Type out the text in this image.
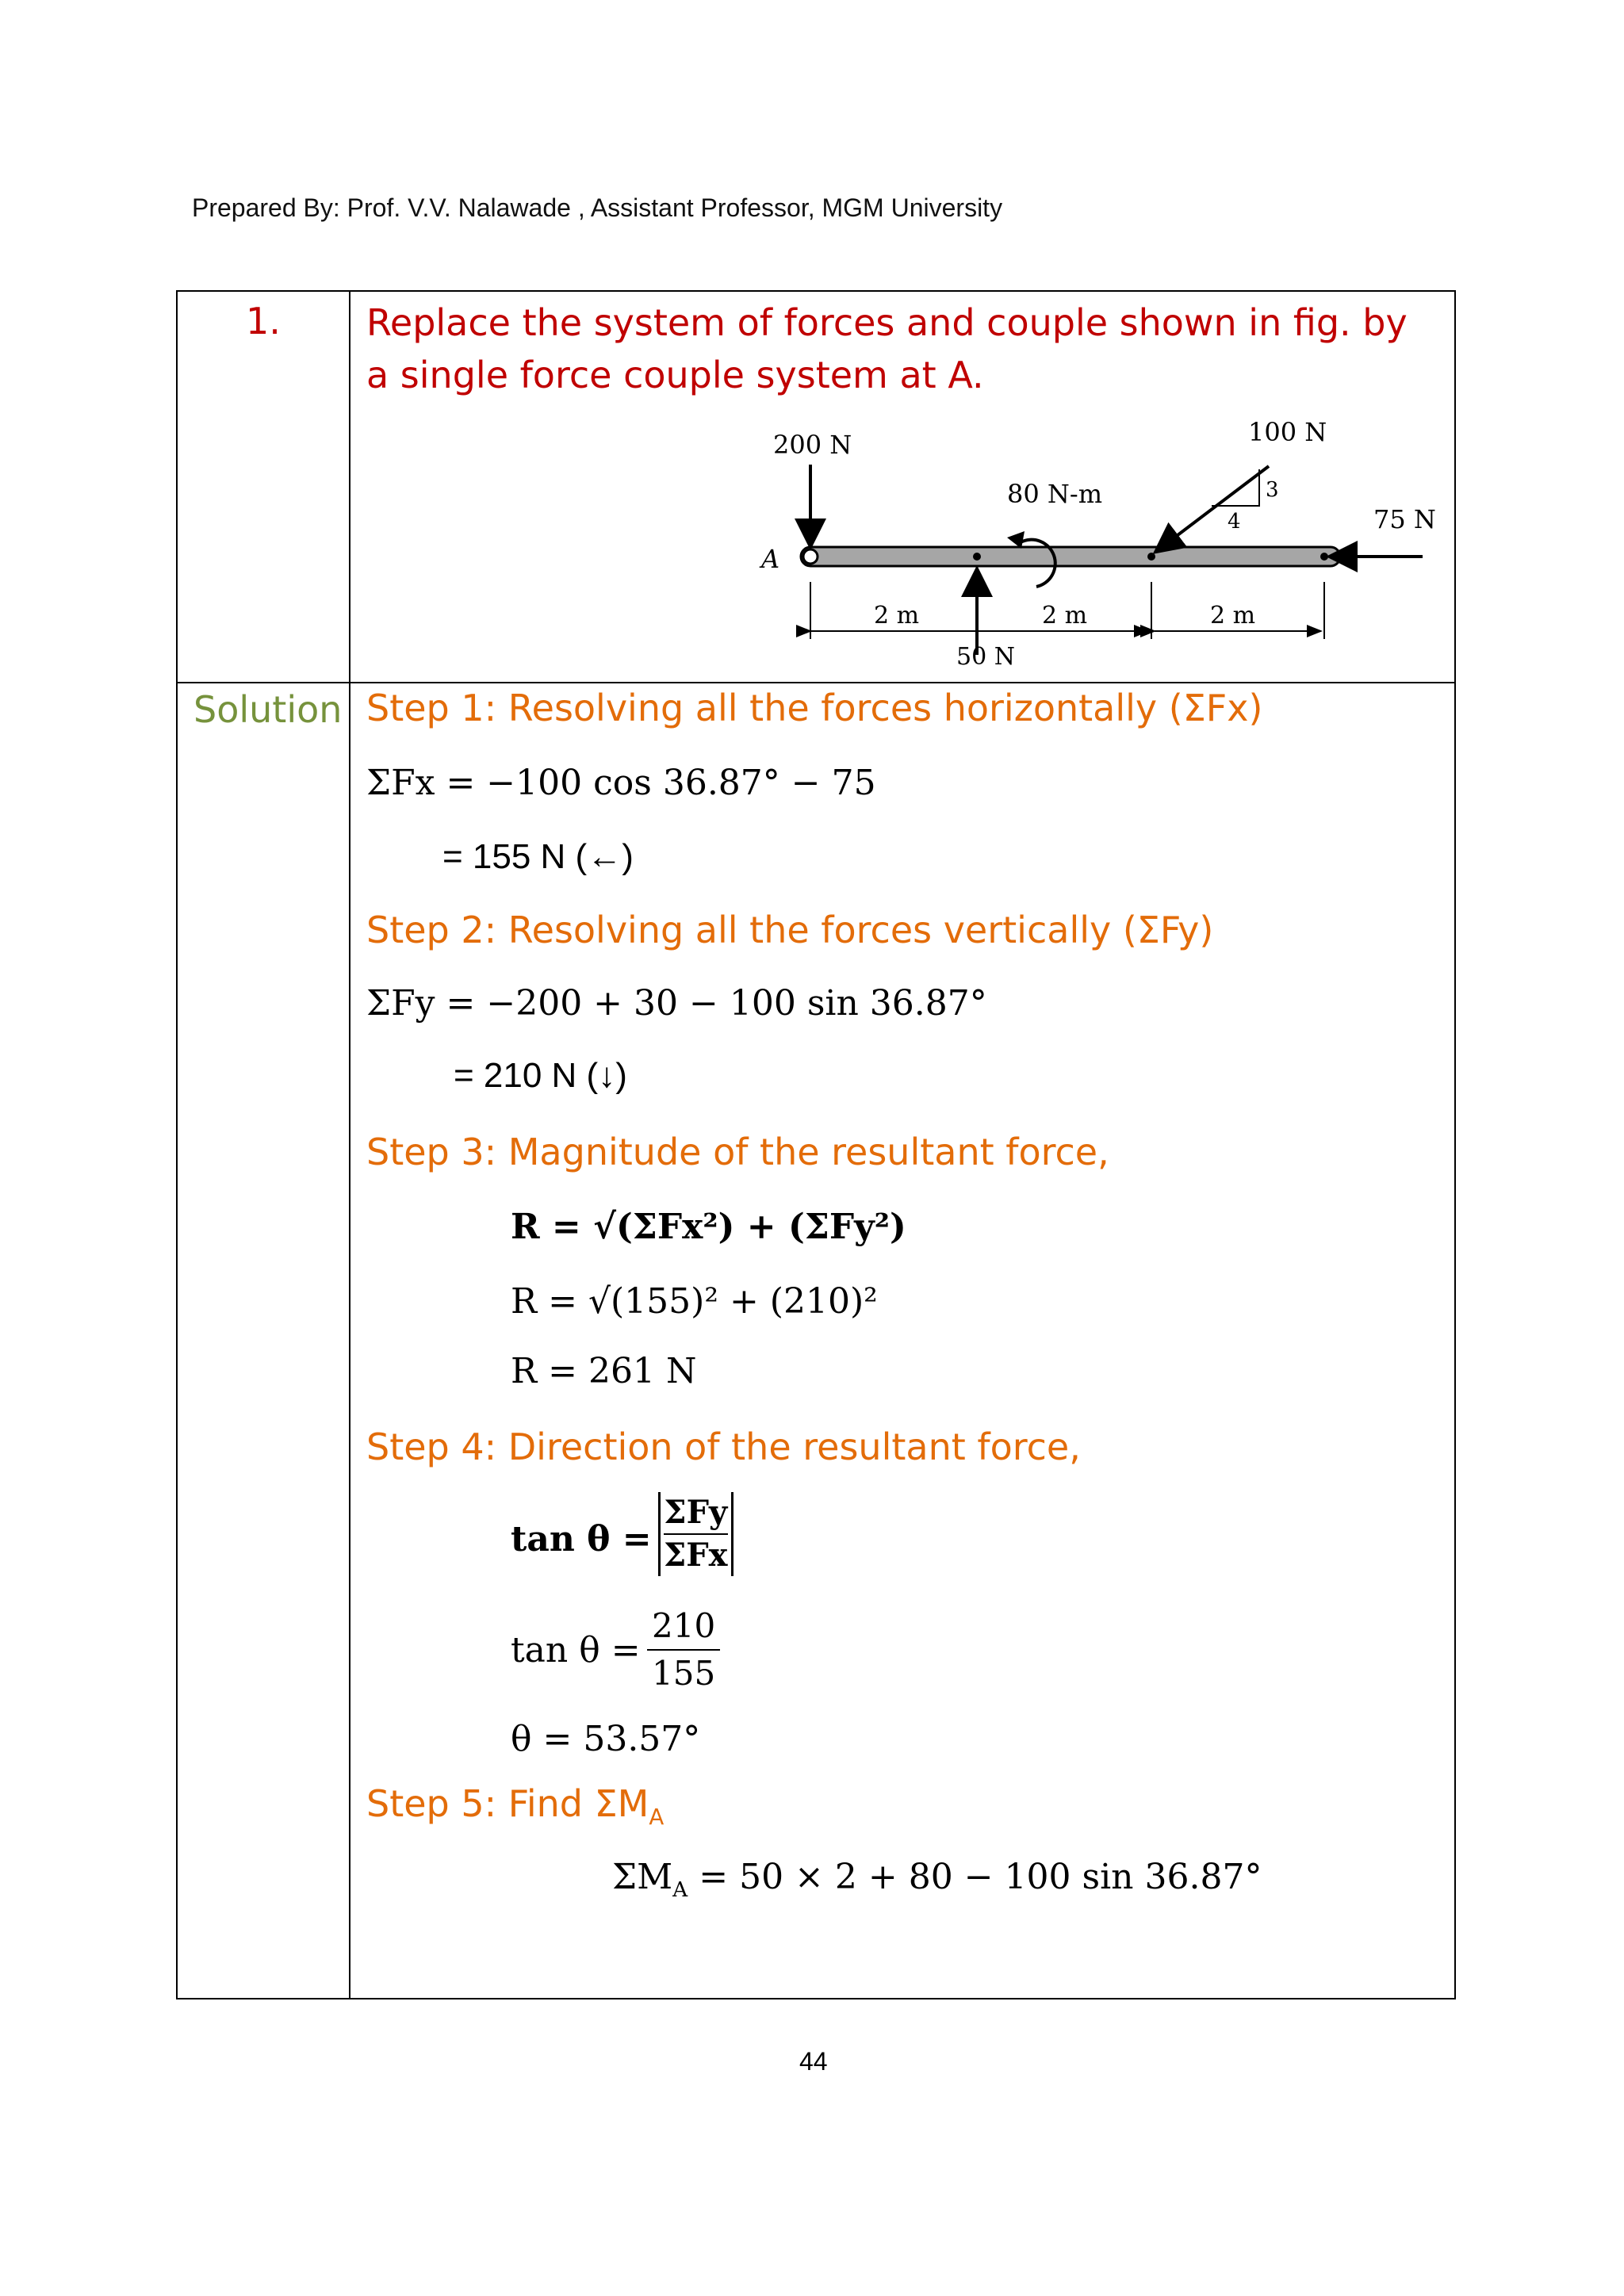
Prepared By: Prof. V.V. Nalawade , Assistant Professor, MGM University
1. Replace the system of forces and couple shown in fig. by a single force couple system at A.
200 N
A
50 N
80 N-m
100 N
3
4	75 N
2 m	2 m	2 m
Solution Step 1: Resolving all the forces horizontally (ΣFx)
ΣFx = −100 cos 36.87° − 75
= 155 N (←)
Step 2: Resolving all the forces vertically (ΣFy)
ΣFy = −200 + 30 − 100 sin 36.87°
= 210 N (↓)
Step 3: Magnitude of the resultant force,
R = √(ΣFx²) + (ΣFy²)
R = √(155)² + (210)²
R = 261 N
Step 4: Direction of the resultant force,
tan θ =
ΣFy
ΣFx
$\tan \theta = \frac{210}{155}$
θ = 53.57°
Step 5: Find $\Sigma M_A$
$\Sigma M_A = 50 \times 2 + 80 - 100$ sin 36.87°
44
